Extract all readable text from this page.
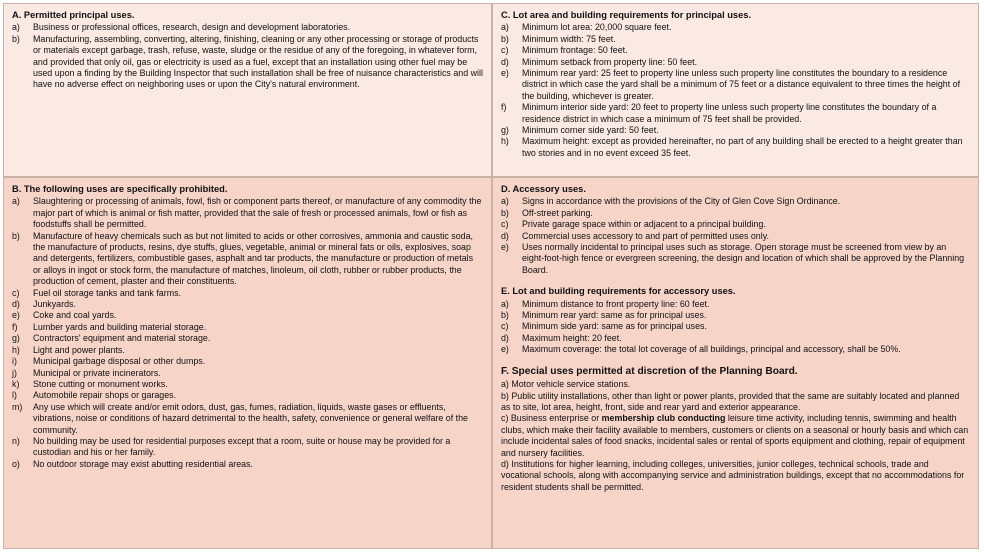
A. Permitted principal uses.
a) Business or professional offices, research, design and development laboratories.
b) Manufacturing, assembling, converting, altering, finishing, cleaning or any other processing or storage of products or materials except garbage, trash, refuse, waste, sludge or the residue of any of the foregoing, in whatever form, and provided that only oil, gas or electricity is used as a fuel, except that an installation using other fuel may be used upon a finding by the Building Inspector that such installation shall be free of nuisance characteristics and will have no adverse effect on neighboring uses or upon the City's natural environment.
C. Lot area and building requirements for principal uses.
a) Minimum lot area: 20,000 square feet.
b) Minimum width: 75 feet.
c) Minimum frontage: 50 feet.
d) Minimum setback from property line: 50 feet.
e) Minimum rear yard: 25 feet to property line unless such property line constitutes the boundary to a residence district in which case the yard shall be a minimum of 75 feet or a distance equivalent to three times the height of the building, whichever is greater.
f) Minimum interior side yard: 20 feet to property line unless such property line constitutes the boundary of a residence district in which case a minimum of 75 feet shall be provided.
g) Minimum corner side yard: 50 feet.
h) Maximum height: except as provided hereinafter, no part of any building shall be erected to a height greater than two stories and in no event exceed 35 feet.
B. The following uses are specifically prohibited.
a) Slaughtering or processing of animals, fowl, fish or component parts thereof, or manufacture of any commodity the major part of which is animal or fish matter, provided that the sale of fresh or processed animals, fowl or fish as foodstuffs shall be permitted.
b) Manufacture of heavy chemicals such as but not limited to acids or other corrosives, ammonia and caustic soda, the manufacture of products, resins, dye stuffs, glues, vegetable, animal or mineral fats or oils, explosives, soap and detergents, fertilizers, combustible gases, asphalt and tar products, the manufacture or production of metals or alloys in ingot or stock form, the manufacture of matches, linoleum, oil cloth, rubber or rubber products, the production of cement, plaster and their constituents.
c) Fuel oil storage tanks and tank farms.
d) Junkyards.
e) Coke and coal yards.
f) Lumber yards and building material storage.
g) Contractors' equipment and material storage.
h) Light and power plants.
i) Municipal garbage disposal or other dumps.
j) Municipal or private incinerators.
k) Stone cutting or monument works.
l) Automobile repair shops or garages.
m) Any use which will create and/or emit odors, dust, gas, fumes, radiation, liquids, waste gases or effluents, vibrations, noise or conditions of hazard detrimental to the health, safety, convenience or general welfare of the community.
n) No building may be used for residential purposes except that a room, suite or house may be provided for a custodian and his or her family.
o) No outdoor storage may exist abutting residential areas.
D. Accessory uses.
a) Signs in accordance with the provisions of the City of Glen Cove Sign Ordinance.
b) Off-street parking.
c) Private garage space within or adjacent to a principal building.
d) Commercial uses accessory to and part of permitted uses only.
e) Uses normally incidental to principal uses such as storage. Open storage must be screened from view by an eight-foot-high fence or evergreen screening, the design and location of which shall be approved by the Planning Board.
E. Lot and building requirements for accessory uses.
a) Minimum distance to front property line: 60 feet.
b) Minimum rear yard: same as for principal uses.
c) Minimum side yard: same as for principal uses.
d) Maximum height: 20 feet.
e) Maximum coverage: the total lot coverage of all buildings, principal and accessory, shall be 50%.
F. Special uses permitted at discretion of the Planning Board.

a) Motor vehicle service stations.

b) Public utility installations, other than light or power plants, provided that the same are suitably located and planned as to site, lot area, height, front, side and rear yard and exterior appearance.

c) Business enterprise or membership club conducting leisure time activity, including tennis, swimming and health clubs, which make their facility available to members, customers or clients on a seasonal or hourly basis and which can include incidental sales of food snacks, incidental sales or rental of sports equipment and clothing, repair of equipment and nursery facilities.

d) Institutions for higher learning, including colleges, universities, junior colleges, technical schools, trade and vocational schools, along with accompanying service and administration buildings, except that no accommodations for resident students shall be permitted.
